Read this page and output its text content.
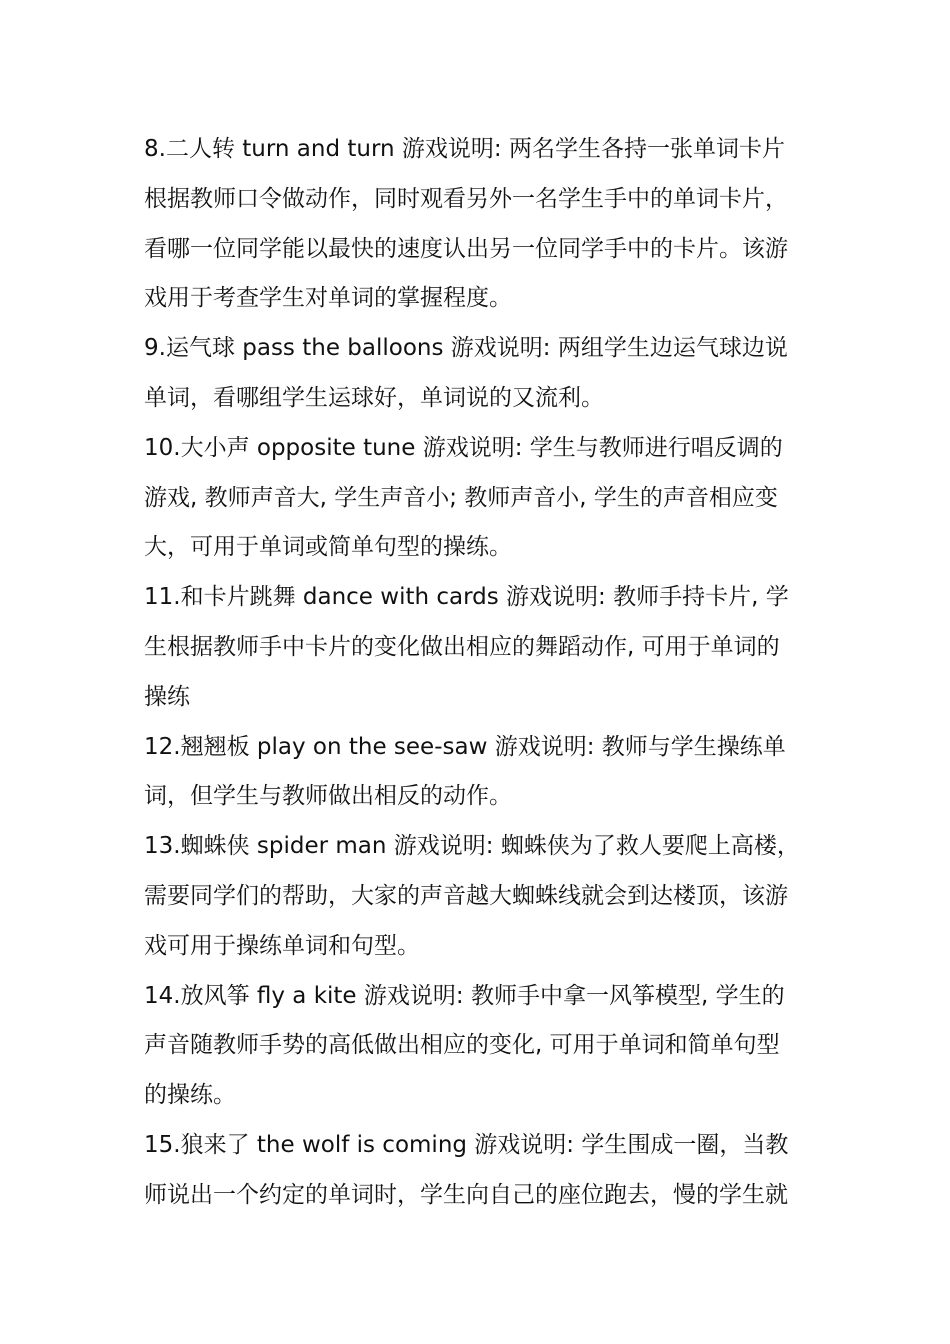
8.二人转 turn and turn 游戏说明: 两名学生各持一张单词卡片
根据教师口令做动作，同时观看另外一名学生手中的单词卡片，
看哪一位同学能以最快的速度认出另一位同学手中的卡片。该游
戏用于考查学生对单词的掌握程度。
9.运气球 pass the balloons 游戏说明: 两组学生边运气球边说
单词，看哪组学生运球好，单词说的又流利。
10.大小声 opposite tune 游戏说明: 学生与教师进行唱反调的
游戏, 教师声音大, 学生声音小; 教师声音小, 学生的声音相应变
大，可用于单词或简单句型的操练。
11.和卡片跳舞 dance with cards 游戏说明: 教师手持卡片, 学
生根据教师手中卡片的变化做出相应的舞蹈动作, 可用于单词的
操练
12.翘翘板 play on the see-saw 游戏说明: 教师与学生操练单
词，但学生与教师做出相反的动作。
13.蜘蛛侠 spider man 游戏说明: 蜘蛛侠为了救人要爬上高楼，
需要同学们的帮助，大家的声音越大蜘蛛线就会到达楼顶，该游
戏可用于操练单词和句型。
14.放风筝 fly a kite 游戏说明: 教师手中拿一风筝模型, 学生的
声音随教师手势的高低做出相应的变化, 可用于单词和简单句型
的操练。
15.狼来了 the wolf is coming 游戏说明: 学生围成一圈，当教
师说出一个约定的单词时，学生向自己的座位跑去，慢的学生就
